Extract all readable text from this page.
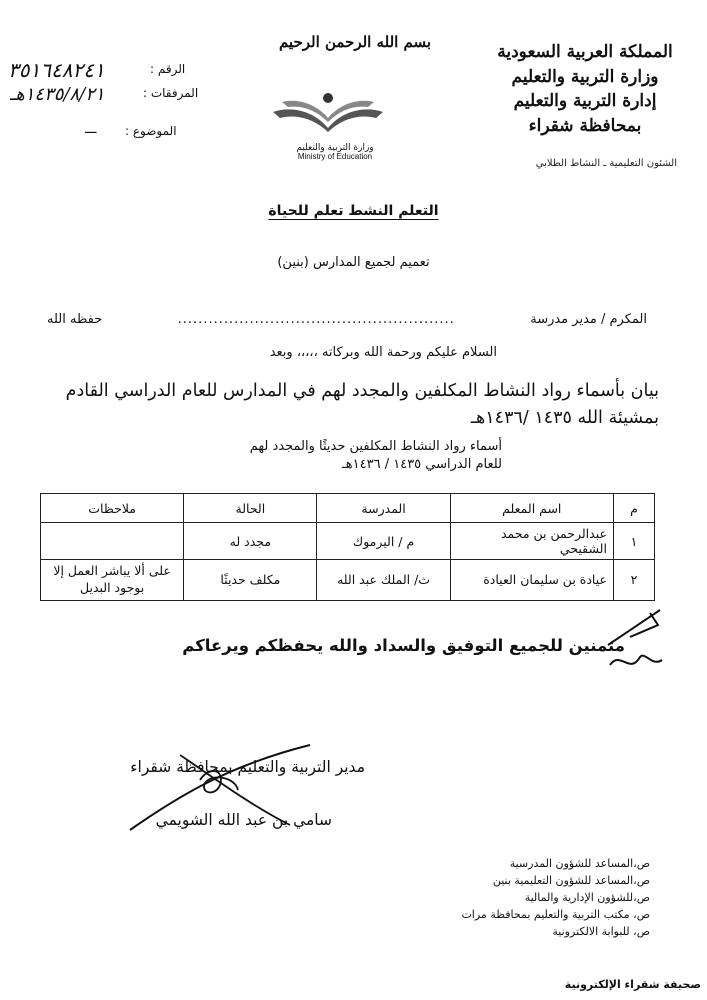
المملكة العربية السعودية
وزارة التربية والتعليم
إدارة التربية والتعليم بمحافظة شقراء
الشئون التعليمية ـ النشاط الطلابي
بسم الله الرحمن الرحيم
وزارة التربية والتعليم
Ministry of Education
الرقم :
المرفقات :
الموضوع :
٣٥١٦٤٨٢٤١
١٤٣٥/٨/٢١هـ
ـــ
التعلم النشط تعلم للحياة
تعميم لجميع المدارس (بنين)
المكرم / مدير مدرسة
......................................................
حفظه الله
السلام عليكم ورحمة الله وبركاته ،،،،، وبعد
بيان بأسماء رواد النشاط المكلفين والمجدد لهم في المدارس للعام الدراسي القادم بمشيئة الله ١٤٣٥ /١٤٣٦هـ
أسماء رواد النشاط المكلفين حديثًا والمجدد لهم
للعام الدراسي ١٤٣٥ / ١٤٣٦هـ
م	اسم المعلم	المدرسة	الحالة	ملاحظات
١	عبدالرحمن بن محمد الشقيحي	م / اليرموك	مجدد له	
٢	عيادة بن سليمان العيادة	ث/ الملك عبد الله	مكلف حديثًا	على ألا يباشر العمل إلا بوجود البديل
متمنين للجميع التوفيق والسداد والله يحفظكم ويرعاكم
مدير التربية والتعليم بمحافظة شقراء
سامي بن عبد الله الشويمي
ص،المساعد للشؤون المدرسية
ص،المساعد للشؤون التعليمية بنين
ص،للشؤون الإدارية والمالية
ص، مكتب التربية والتعليم بمحافظة مرات
ص، للبوابة الالكترونية
صحيفة شقراء الإلكترونية
